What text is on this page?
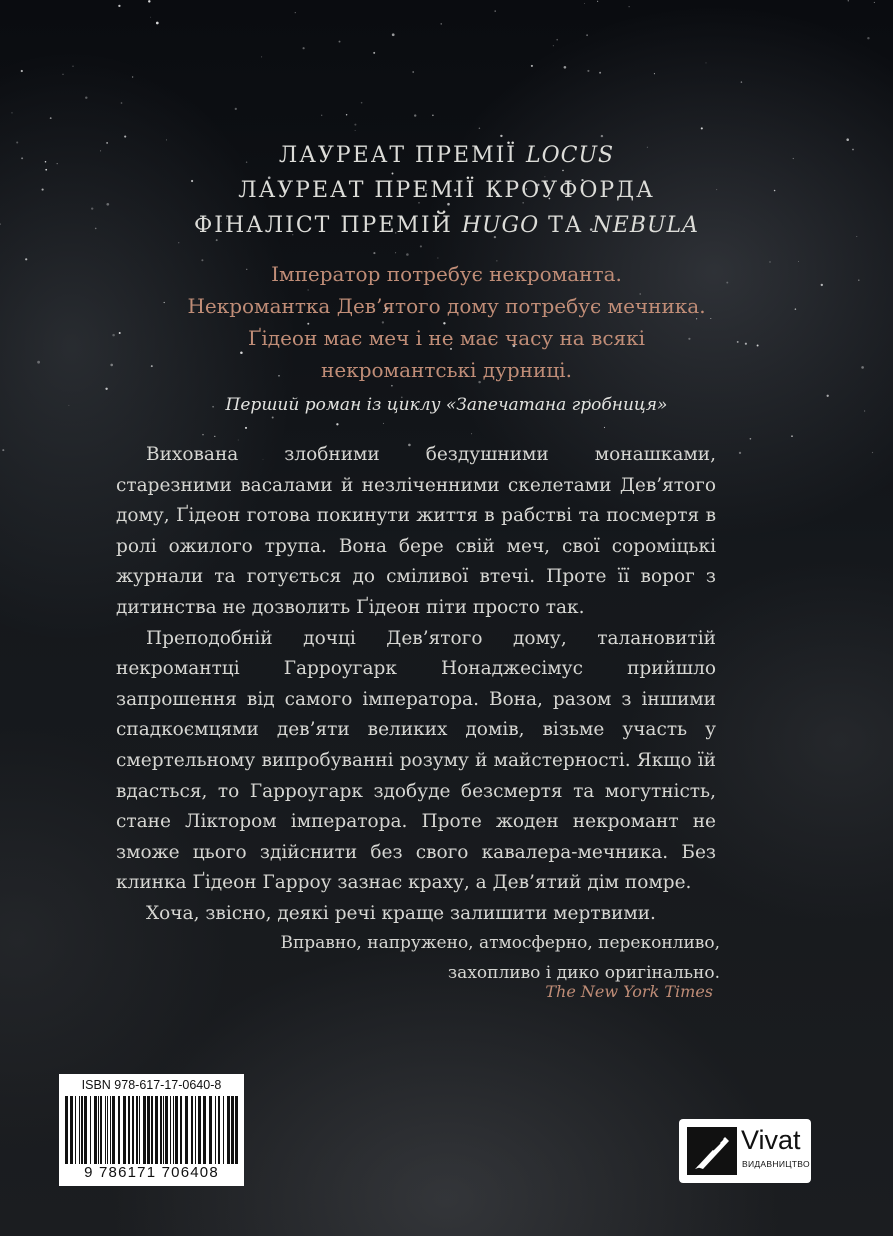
ЛАУРЕАТ ПРЕМІЇ LOCUS
ЛАУРЕАТ ПРЕМІЇ КРОУФОРДА
ФІНАЛІСТ ПРЕМІЙ HUGO ТА NEBULA
Імператор потребує некроманта.
Некромантка Дев’ятого дому потребує мечника.
Ґідеон має меч і не має часу на всякі
некромантські дурниці.
Перший роман із циклу «Запечатана гробниця»

Вихована злобними бездушними монашками, старезними васалами й незліченними скелетами Дев’ятого дому, Ґідеон готова покинути життя в рабстві та посмертя в ролі ожилого трупа. Вона бере свій меч, свої сороміцькі журнали та готується до сміливої втечі. Проте її ворог з дитинства не дозволить Ґідеон піти просто так.

Преподобній дочці Дев’ятого дому, талановитій некромантці Гарроугарк Нонаджесімус прийшло запрошення від самого імператора. Вона, разом з іншими спадкоємцями дев’яти великих домів, візьме участь у смертельному випробуванні розуму й майстерності. Якщо їй вдасться, то Гарроугарк здобуде безсмертя та могутність, стане Ліктором імператора. Проте жоден некромант не зможе цього здійснити без свого кавалера-мечника. Без клинка Ґідеон Гарроу зазнає краху, а Дев’ятий дім помре.

Хоча, звісно, деякі речі краще залишити мертвими.

Вправно, напружено, атмосферно, переконливо,
захопливо і дико оригінально.
The New York Times
ISBN 978-617-17-0640-8
9 786171 706408
Vivat
ВИДАВНИЦТВО
